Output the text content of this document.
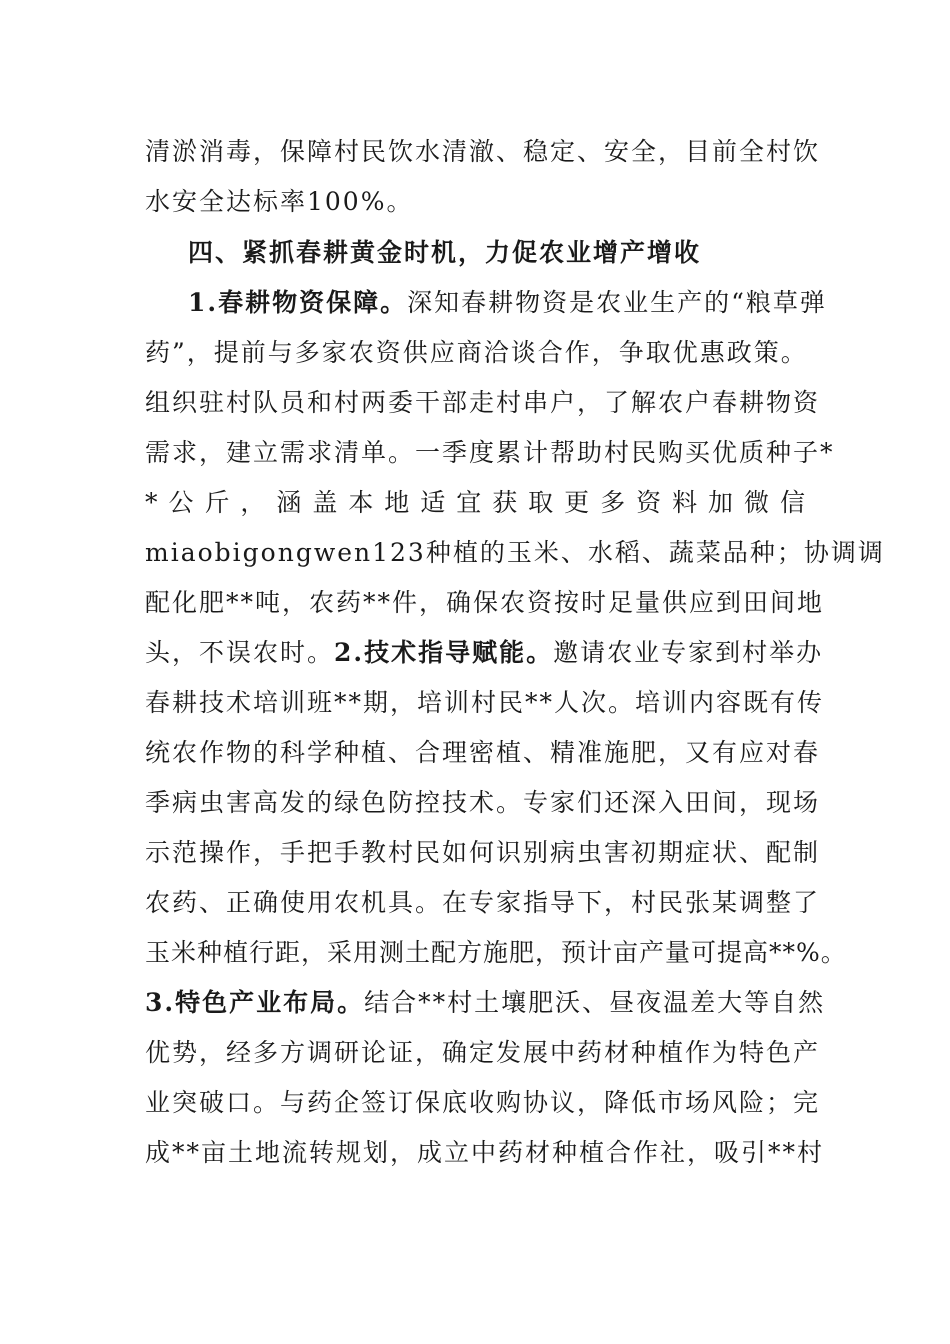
清淤消毒，保障村民饮水清澈、稳定、安全，目前全村饮
水安全达标率100%。
四、紧抓春耕黄金时机，力促农业增产增收
1.春耕物资保障。深知春耕物资是农业生产的“粮草弹
药”，提前与多家农资供应商洽谈合作，争取优惠政策。
组织驻村队员和村两委干部走村串户，了解农户春耕物资
需求，建立需求清单。一季度累计帮助村民购买优质种子*
*公斤，涵盖本地适宜获取更多资料加微信
miaobigongwen123种植的玉米、水稻、蔬菜品种；协调调
配化肥**吨，农药**件，确保农资按时足量供应到田间地
头，不误农时。2.技术指导赋能。邀请农业专家到村举办
春耕技术培训班**期，培训村民**人次。培训内容既有传
统农作物的科学种植、合理密植、精准施肥，又有应对春
季病虫害高发的绿色防控技术。专家们还深入田间，现场
示范操作，手把手教村民如何识别病虫害初期症状、配制
农药、正确使用农机具。在专家指导下，村民张某调整了
玉米种植行距，采用测土配方施肥，预计亩产量可提高**%。
3.特色产业布局。结合**村土壤肥沃、昼夜温差大等自然
优势，经多方调研论证，确定发展中药材种植作为特色产
业突破口。与药企签订保底收购协议，降低市场风险；完
成**亩土地流转规划，成立中药材种植合作社，吸引**村
